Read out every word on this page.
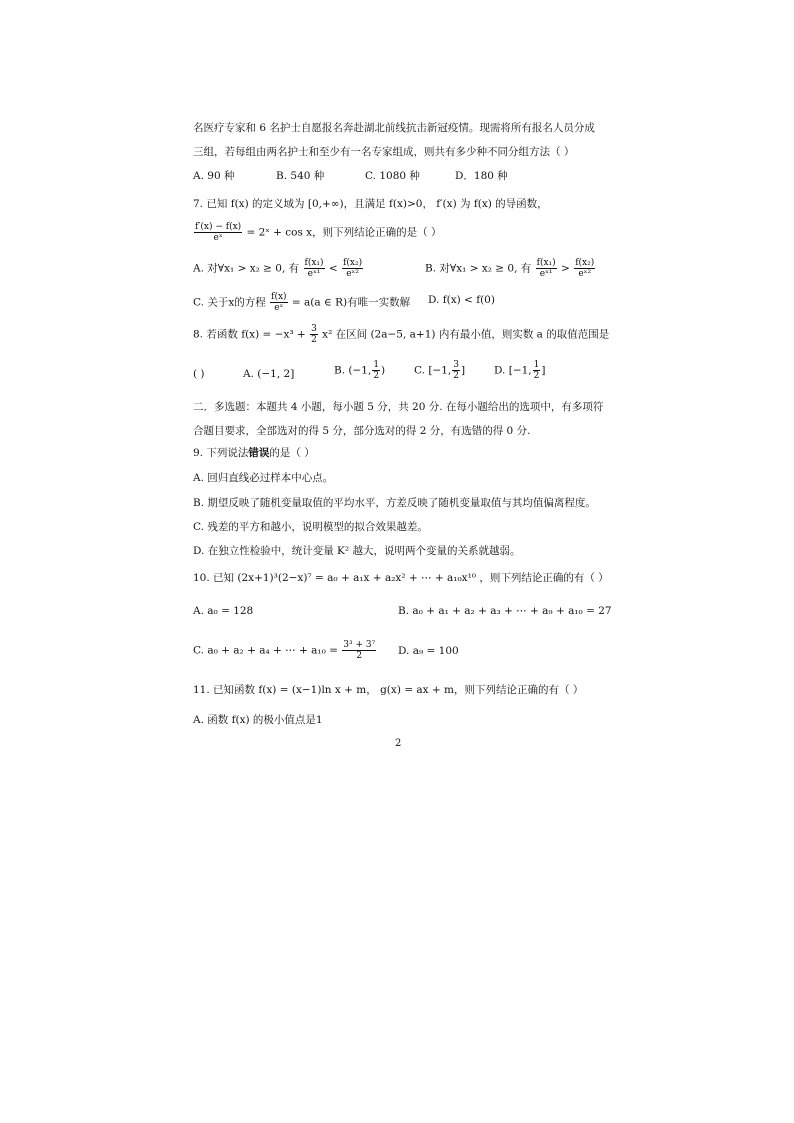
名医疗专家和 6 名护士自愿报名奔赴湖北前线抗击新冠疫情。现需将所有报名人员分成
三组，若每组由两名护士和至少有一名专家组成，则共有多少种不同分组方法（ ）
A. 90 种	B. 540 种	C. 1080 种	D．180 种
7. 已知 f(x) 的定义域为 [0,+∞)，且满足 f(x)>0， f′(x) 为 f(x) 的导函数，
$\frac{f'(x) - f(x)}{\text{eˣ}}$ = 2ˣ + cos x，则下列结论正确的是（ ）
A. 对∀x₁ > x₂ ≥ 0, 有 $\frac{\text{f(x₁)}}{\text{eˣ¹}} < \frac{\text{f(x₂)}}{\text{eˣ²}}$	B. 对∀x₁ > x₂ ≥ 0, 有 $\frac{\text{f(x₁)}}{\text{eˣ¹}} > \frac{\text{f(x₂)}}{\text{eˣ²}}$
C. 关于x的方程 $\frac{f(x)}{\text{eˣ}} = a(a$ ∈ R)有唯一实数解 D. f(x) < f(0)
8. 若函数 $f(x) = -x^3 + \frac{3}{2} x^2$ 在区间 (2a−5, a+1) 内有最小值，则实数 a 的取值范围是
( )	A. (−1, 2]	B. (−1, $\frac{1}{2}$ )	C. [−1, $\frac{3}{2}$ ]	D. [−1, $\frac{1}{2}$ ]
二．多选题：本题共 4 小题，每小题 5 分，共 20 分. 在每小题给出的选项中，有多项符
合题目要求，全部选对的得 5 分，部分选对的得 2 分，有选错的得 0 分.
9. 下列说法错误的是（ ）
A. 回归直线必过样本中心点。
B. 期望反映了随机变量取值的平均水平，方差反映了随机变量取值与其均值偏离程度。
C. 残差的平方和越小，说明模型的拟合效果越差。
D. 在独立性检验中，统计变量 K² 越大，说明两个变量的关系就越弱。
10. 已知 (2x+1)³(2−x)⁷ = a₀ + a₁x + a₂x² + ⋯ + a₁₀x¹⁰ ，则下列结论正确的有（ ）
A. a₀ = 128	B. a₀ + a₁ + a₂ + a₃ + ⋯ + a₉ + a₁₀ = 27
C. a₀ + a₂ + a₄ + ⋯ + $a_{10} = \frac{\text{3³ + 3⁷}}{2} D$. a₉ = 100
11. 已知函数 f(x) = (x−1)ln x + m， g(x) = ax + m，则下列结论正确的有（ ）
A. 函数 f(x) 的极小值点是1
2
